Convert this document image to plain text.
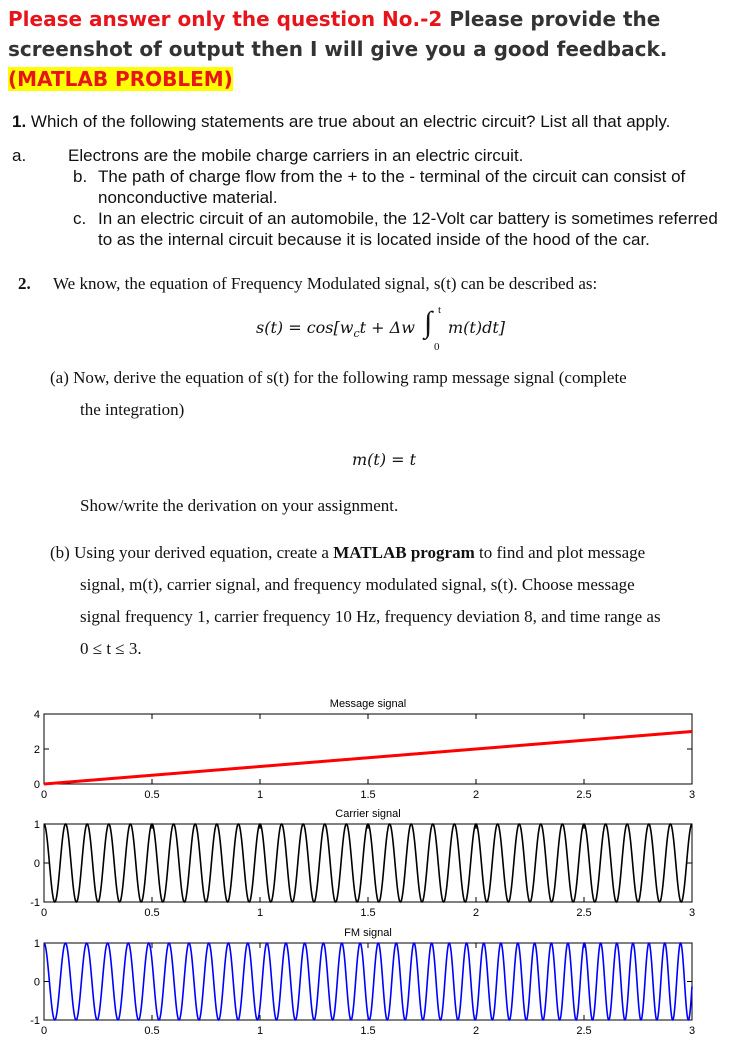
Please answer only the question No.-2 Please provide the screenshot of output then I will give you a good feedback. (MATLAB PROBLEM)
1. Which of the following statements are true about an electric circuit? List all that apply.
a. Electrons are the mobile charge carriers in an electric circuit.
b. The path of charge flow from the + to the - terminal of the circuit can consist of
nonconductive material.
c. In an electric circuit of an automobile, the 12-Volt car battery is sometimes referred
to as the internal circuit because it is located inside of the hood of the car.
2. We know, the equation of Frequency Modulated signal, s(t) can be described as:
$s(t) = \cos[w_ct + \Delta w$ ∫ t
0
m(t)dt]
(a) Now, derive the equation of s(t) for the following ramp message signal (complete
the integration)
m(t) = t
Show/write the derivation on your assignment.
(b) Using your derived equation, create a MATLAB program to find and plot message
signal, m(t), carrier signal, and frequency modulated signal, s(t). Choose message
signal frequency 1, carrier frequency 10 Hz, frequency deviation 8, and time range as
0 ≤ t ≤ 3.
Message signal
0	0.5	1	1.5	2	2.5	3
0
2
4
Carrier signal
0	0.5	1	1.5	2	2.5	3
-1
0
1
FM signal
0	0.5	1	1.5	2	2.5	3
-1
0
1
